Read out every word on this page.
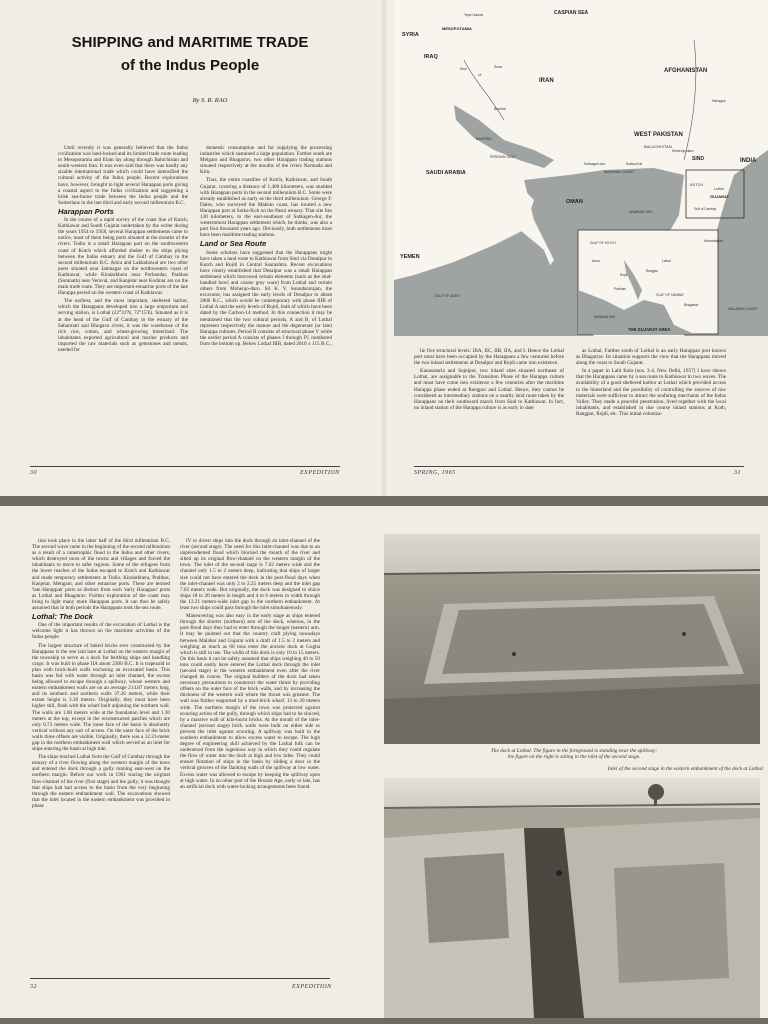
SHIPPING and MARITIME TRADE
of the Indus People
By S. R. RAO

Until recently it was generally believed that the Indus civilization was land-locked and its limited trade route leading to Mesopotamia and Elam lay along through Baluchistan and south-western Iran. It was even said that there was hardly any sizable international trade which could have intensified the cultural activity of the Indus people. Recent explorations have, however, brought to light several Harappan ports giving a coastal aspect to the Indus civilization and suggesting a brisk sea-borne trade between the Indus people and the Sumerians in the late third and early second millennium B.C.

Harappan Ports

In the course of a rapid survey of the coast line of Kutch, Kathiawar and South Gujarat undertaken by the writer during the years 1954 to 1958, several Harappan settlements came to notice, most of them being ports situated at the mouths of the rivers. Todio is a small Harappan port on the southwestern coast of Kutch which afforded shelter to the ships plying between the Indus estuary and the Gulf of Cambay in the second millennium B.C. Amra and Lakhabawal are two other ports situated near Jamnagar on the northwestern coast of Kathiawar, while Kindarkhera near Porbandar, Prabhas (Somnath) near Veraval, and Kanjetar near Kodinar are on the main trade route. They are important estuarine ports of the late Harappa period on the western coast of Kathiawar.

The earliest, and the most important, sheltered harbor, which the Harappans developed into a large emporium and serving station, is Lothal (22°31'N, 72°15'E). Situated as it is at the head of the Gulf of Cambay in the estuary of the Sabarmati and Bhogava rivers, it was the warehouse of the rich rice, cotton, and wheat-growing hinterland. The inhabitants exported agricultural and marine products and imported the raw materials such as gemstones and metals, needed for

domestic consumption and for supplying the processing industries which sustained a large population. Farther south are Melgam and Bhagatrav, two other Harappan trading stations situated respectively at the mouths of the rivers Narmada and Kim.

Thus, the entire coastline of Kutch, Kathiawar, and South Gujarat, covering a distance of 1,400 kilometers, was studded with Harappan ports in the second millennium B.C. Some were already established as early as the third millennium. George F. Dales, who surveyed the Makran coast, has located a new Harappan port at Sotka-Koh on the Pasni estuary. That site lies 130 kilometers, to the east-southeast of Sutkagen-dor, the westernmost Harappan settlement which, he thinks, was also a port four thousand years ago. Obviously, both settlements must have been maritime trading stations.

Land or Sea Route

Some scholars have suggested that the Harappans might have taken a land route to Kathiawar from Sind via Desalpur in Kutch and Rojdi in Central Saurashtra. Recent excavations have clearly established that Desalpur was a small Harappan settlement which borrowed certain elements (such as the stud-handled bowl and coarse grey ware) from Lothal and certain others from Mohenjo-daro. Sri K. V. Soundararajan, the excavator, has assigned the early levels of Desalpur to about 2000 B.C., which would be contemporary with phase IIIB of Lothal A and the early levels of Rojdi, both of which have been dated by the Carbon-14 method. In this connection it may be mentioned that the two cultural periods, A and B, of Lothal represent respectively the mature and the degenerate (or late) Harappa cultures. Period B consists of structural phase V while the earlier period A consists of phases I through IV, numbered from the bottom up. Below Lothal IIIB, dated 2010 ± 115 B.C.,

30	EXPEDITION
CASPIAN SEA
SYRIA
MESOPOTAMIA
IRAQ
IRAN
AFGHANISTAN
SAUDI ARABIA
PERSIAN GULF
BAHREIN
WEST PAKISTAN
BALUCHISTAN
SIND
MAKRAN COAST
INDIA
OMAN
ARABIAN SEA
YEMEN
GULF OF ADEN
KUTCH
GUJARAT
MALABAR COAST
Harappa
Mohenjo-daro
Sutkagen-dor	Sotka-Koh
Lothal
Susa
Ur
Tepe Gawra
Kish
Bushire
Ahmedabad
Gulf of Cambay
GULF OF KUTCH
ARABIAN SEA
GULF OF CAMBAY
Lothal
Rangpur
Prabhas
Amra
Rojdi
Bhagatrav
THE GUJARAT AREA

lie five structural levels: IIIA, IIC, IIB, IIA, and I. Hence the Lothal port must have been occupied by the Harappans a few centuries before the two inland settlements at Desalpur and Rojdi came into existence.

Kanasutaria and Sujnipur, two inland sites situated northeast of Lothal, are assignable to the Transition Phase of the Harappa culture and must have come into existence a few centuries after the maritime Harappa phase ended at Rangpur and Lothal. Hence, they cannot be considered as intermediary stations on a nearby land route taken by the Harappans on their southward march from Sind to Kathiawar. In fact, no inland station of the Harappa culture is as early in date

as Lothal. Farther south of Lothal is an early Harappan port known as Bhagatrav. Its situation supports the view that the Harappans moved along the coast to South Gujarat.

In a paper in Lalit Kala (nos. 3-4, New Delhi, 1957) I have shown that the Harappans came by a sea route to Kathiawar in two waves. The availability of a good sheltered harbor at Lothal which provided access to the hinterland and the possibility of controlling the sources of raw materials were sufficient to attract the seafaring merchants of the Indus Valley. They made a peaceful penetration, lived together with the local inhabitants, and established in due course inland stations at Koth, Rangpur, Rojdi, etc. This initial coloniza-

SPRING, 1965	31

tion took place in the latter half of the third millennium B.C. The second wave came in the beginning of the second millennium as a result of a catastrophic flood in the Indus and other rivers, which destroyed most of the towns and villages and forced the inhabitants to move to safer regions. Some of the refugees from the lower reaches of the Indus escaped to Kutch and Kathiawar and made temporary settlements at Todio, Kindarkhera, Prabhas, Kanjetar, Mehgam, and other estuarine ports. These are termed 'late Harappan' ports as distinct from such 'early Harappan' ports as Lothal and Bhagatrav. Further exploration of the coast may bring to light many more Harappan ports. It can thus be safely assumed that in both periods the Harappans took the sea route.

Lothal: The Dock

One of the important results of the excavation of Lothal is the welcome light it has thrown on the maritime activities of the Indus people.

The largest structure of baked bricks ever constructed by the Harappans is the one laid bare at Lothal on the eastern margin of the township to serve as a dock for berthing ships and handling cargo. It was built in phase IIA about 2300 B.C. It is trapezoid in plan with brick-built walls enclosing an excavated basin. This basin was fed with water through an inlet channel, the excess being allowed to escape through a spillway, whose western and eastern embankment walls are on an average 214.87 meters long, and its southern and northern walls 37.26 meters, while their extant height is 3.30 meters. Originally, they must have been higher still, flush with the wharf built adjoining the northern wall. The walls are 1.60 meters wide at the foundation level and 1.30 meters at the top, except in the reconstructed patches which are only 0.73 meters wide. The inner face of the basin is absolutely vertical without any sort of access. On the outer face of the brick walls three offsets are visible. Originally, there was a 12.21-meter gap in the northern embankment wall which served as an inlet for ships entering the basin at high tide.

The ships reached Lothal from the Gulf of Cambay through the estuary of a river flowing along the western margin of the town and entered the dock through a gully running east-west on the northern margin. Before our work in 1961 tracing the original flow-channel of the river (first stage) and the gully, it was thought that ships had had access to the basin from the very beginning through the eastern embankment wall. The excavations showed that the inlet located in the eastern embankment was provided in phase

IV to divert ships into the dock through an inlet-channel of the river (second stage). The need for this inlet-channel was due to an unprecedented flood which blocked the mouth of the river and silted up its original flow-channel on the western margin of the town. The inlet of the second stage is 7.02 meters wide and the channel only 1.5 to 2 meters deep, indicating that ships of larger size could not have entered the dock in the post-flood days when the inlet-channel was only 2 to 2.25 meters deep and the inlet gap 7.02 meters wide. But originally, the dock was designed to sluice ships 18 to 20 meters in length and 4 to 6 meters in width through the 12.21 meters-wide inlet gap in the northern embankment. At least two ships could pass through the inlet simultaneously.

Maneuvering was also easy in the early stage as ships entered through the shorter (northern) arm of the dock, whereas, in the post-flood days they had to enter through the longer (eastern) arm. It may be pointed out that the country craft plying nowadays between Malabar and Gujarat with a draft of 1.5 to 2 meters and weighing as much as 60 tons enter the ancient dock at Gogha which is still in use. The width of this dock is only 10 to 15 meters. On this basis it can be safely assumed that ships weighing 40 to 50 tons could easily have entered the Lothal dock through the inlet (second stage) in the western embankment even after the river changed its course. The original builders of the dock had taken necessary precautions to counteract the water thrust by providing offsets on the outer face of the brick walls, and by increasing the thickness of the western wall where the thrust was greatest. The wall was further supported by a mud-brick wharf, 13 to 20 meters wide. The northern margin of the town was protected against scouring action of the gully, through which ships had to be sluiced, by a massive wall of kiln-burnt bricks. At the mouth of the inlet-channel (second stage) brick walls were built on either side to prevent the inlet against scouring. A spillway was built in the southern embankment to allow excess water to escape. The high degree of engineering skill achieved by the Lothal folk can be understood from the ingenious way in which they could regulate the flow of water into the dock at high and low tides. They could ensure flotation of ships in the basin by sliding a door in the vertical grooves of the flanking walls of the spillway at low water. Excess water was allowed to escape by keeping the spillway open at high water. In no other port of the Bronze Age, early or late, has an artificial dock with water-locking arrangements been found.

32	EXPEDITION
The dock at Lothal. The figure in the foreground is standing near the spillway;
the figure on the right is sitting in the inlet of the second stage.
Inlet of the second stage in the eastern embankment of the dock at Lothal.
